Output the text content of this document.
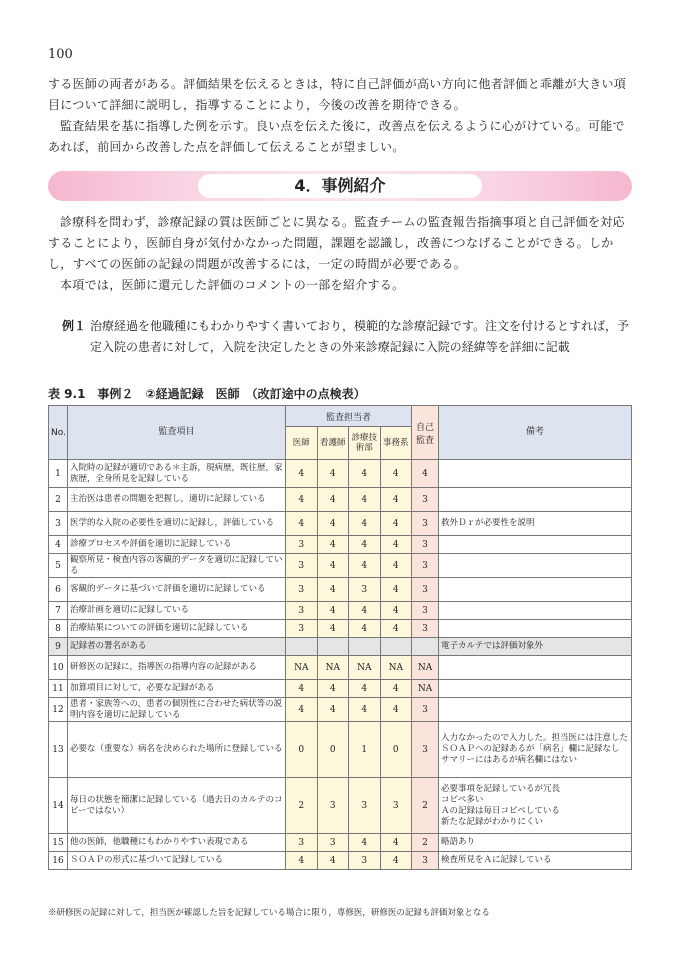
100
する医師の両者がある。評価結果を伝えるときは，特に自己評価が高い方向に他者評価と乖離が大きい項目について詳細に説明し，指導することにより，今後の改善を期待できる。
監査結果を基に指導した例を示す。良い点を伝えた後に，改善点を伝えるように心がけている。可能であれば，前回から改善した点を評価して伝えることが望ましい。
4．事例紹介
診療科を問わず，診療記録の質は医師ごとに異なる。監査チームの監査報告指摘事項と自己評価を対応することにより，医師自身が気付かなかった問題，課題を認識し，改善につなげることができる。しかし，すべての医師の記録の問題が改善するには，一定の時間が必要である。
本項では，医師に還元した評価のコメントの一部を紹介する。
例１ 治療経過を他職種にもわかりやすく書いており，模範的な診療記録です。注文を付けるとすれば，予定入院の患者に対して，入院を決定したときの外来診療記録に入院の経緯等を詳細に記載
表 9.1　事例２　②経過記録　医師　（改訂途中の点検表）
No.	監査項目	監査担当者				自己監査	備考
		医師	看護師	診療技術部	事務系		
1	入院時の記録が適切である＊主訴，現病歴，既往歴，家族歴，全身所見を記録している	4	4	4	4	4	
2	主治医は患者の問題を把握し，適切に記録している	4	4	4	4	3	
3	医学的な入院の必要性を適切に記録し，評価している	4	4	4	4	3	救外Ｄｒが必要性を説明
4	診療プロセスや評価を適切に記録している	3	4	4	4	3	
5	観察所見・検査内容の客観的データを適切に記録している	3	4	4	4	3	
6	客観的データに基づいて評価を適切に記録している	3	4	3	4	3	
7	治療計画を適切に記録している	3	4	4	4	3	
8	治療結果についての評価を適切に記録している	3	4	4	4	3	
9	記録者の署名がある						電子カルテでは評価対象外
10	研修医の記録に，指導医の指導内容の記録がある	NA	NA	NA	NA	NA	
11	加算項目に対して，必要な記録がある	4	4	4	4	NA	
12	患者・家族等への，患者の個別性に合わせた病状等の説明内容を適切に記録している	4	4	4	4	3	
13	必要な（重要な）病名を決められた場所に登録している	0	0	1	0	3	入力なかったので入力した。担当医には注意した
ＳＯＡＰへの記録あるが「病名」欄に記録なし
サマリーにはあるが病名欄にはない
14	毎日の状態を簡潔に記録している（過去日のカルテのコピーではない）	2	3	3	3	2	必要事項を記録しているが冗長
コピペ多い
Ａの記録は毎日コピペしている
新たな記録がわかりにくい
15	他の医師，他職種にもわかりやすい表現である	3	3	4	4	2	略語あり
16	ＳＯＡＰの形式に基づいて記録している	4	4	3	4	3	検査所見をＡに記録している
※研修医の記録に対して，担当医が確認した旨を記録している場合に限り，専修医，研修医の記録も評価対象となる
